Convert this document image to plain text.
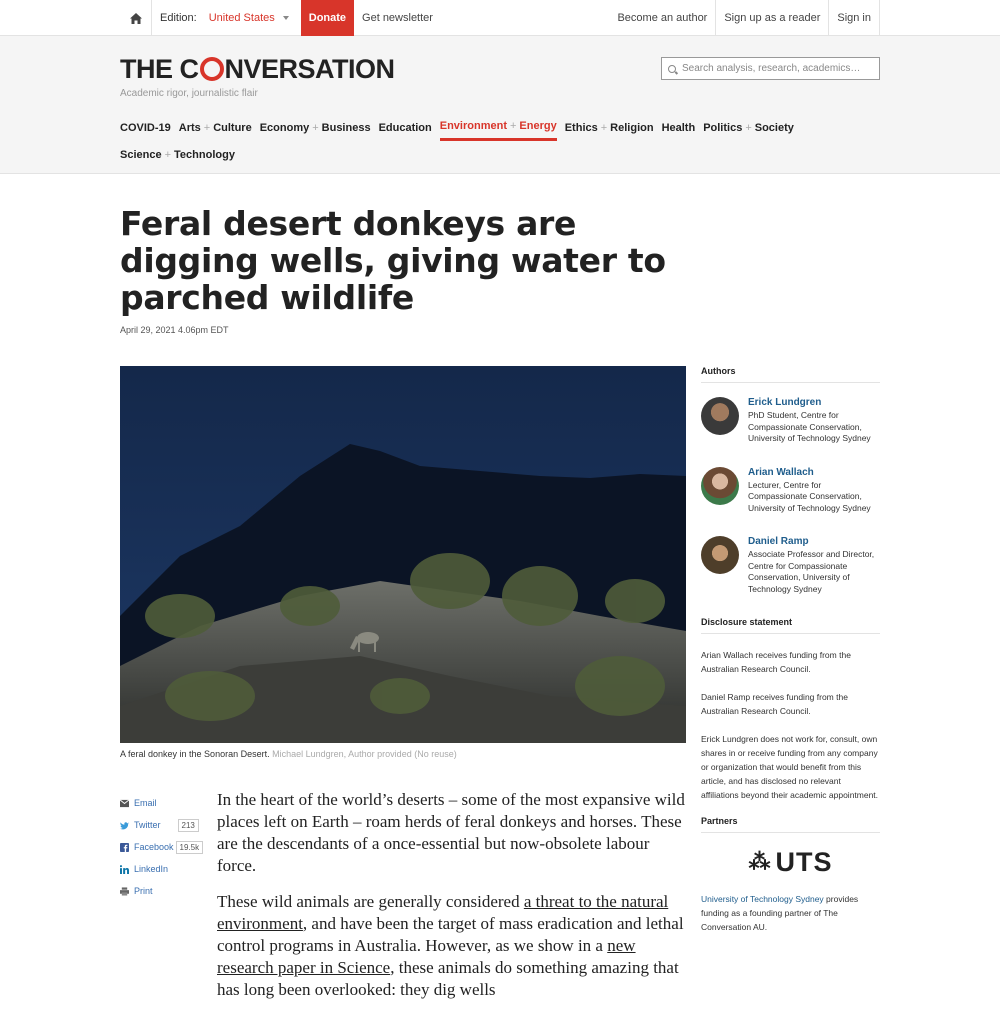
Edition: United States	Donate	Get newsletter	Become an author	Sign up as a reader	Sign in
THE C NVERSATION
Academic rigor, journalistic flair
Search analysis, research, academics…
COVID-19 Arts + Culture Economy + Business Education Environment + Energy Ethics + Religion Health Politics + Society
Science + Technology
Feral desert donkeys are digging wells, giving water to parched wildlife
April 29, 2021 4.06pm EDT
A feral donkey in the Sonoran Desert. Michael Lundgren, Author provided (No reuse)
Email
Twitter	213
Facebook 19.5k
LinkedIn
Print

In the heart of the world’s deserts – some of the most expansive wild places left on Earth – roam herds of feral donkeys and horses. These are the descendants of a once-essential but now-obsolete labour force.

These wild animals are generally considered a threat to the natural environment, and have been the target of mass eradication and lethal control programs in Australia. However, as we show in a new research paper in Science, these animals do something amazing that has long been overlooked: they dig wells

Authors
Erick Lundgren
PhD Student, Centre for Compassionate Conservation, University of Technology Sydney
Arian Wallach
Lecturer, Centre for Compassionate Conservation, University of Technology Sydney
Daniel Ramp
Associate Professor and Director, Centre for Compassionate Conservation, University of Technology Sydney
Disclosure statement

Arian Wallach receives funding from the Australian Research Council.

Daniel Ramp receives funding from the Australian Research Council.

Erick Lundgren does not work for, consult, own shares in or receive funding from any company or organization that would benefit from this article, and has disclosed no relevant affiliations beyond their academic appointment.

Partners
⁂ UTS
University of Technology Sydney provides funding as a founding partner of The Conversation AU.
